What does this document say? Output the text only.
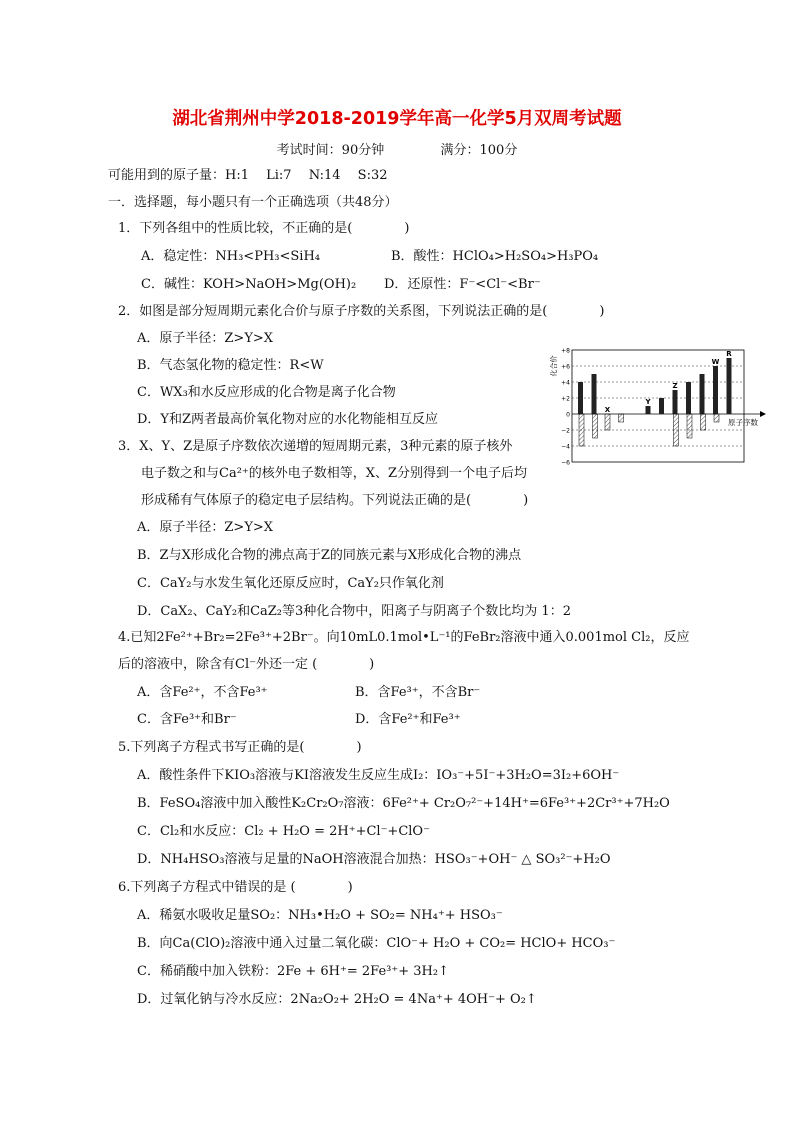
湖北省荆州中学2018-2019学年高一化学5月双周考试题
考试时间：90分钟	满分：100分
可能用到的原子量：H:1　 Li:7　 N:14　 S:32
一．选择题，每小题只有一个正确选项（共48分）
1．下列各组中的性质比较，不正确的是(　　　　)
A．稳定性：NH₃<PH₃<SiH₄	B．酸性：HClO₄>H₂SO₄>H₃PO₄
C．碱性：KOH>NaOH>Mg(OH)₂ D．还原性：F⁻<Cl⁻<Br⁻
2．如图是部分短周期元素化合价与原子序数的关系图，下列说法正确的是(　　　　)
A．原子半径：Z>Y>X
B．气态氢化物的稳定性：R<W
C．WX₃和水反应形成的化合物是离子化合物
D．Y和Z两者最高价氧化物对应的水化物能相互反应
+8
+6
+4
+2
0
−2
−4
−6
X
Y
Z
W
R
化合价
原子序数
3．X、Y、Z是原子序数依次递增的短周期元素，3种元素的原子核外
电子数之和与Ca²⁺的核外电子数相等，X、Z分别得到一个电子后均
形成稀有气体原子的稳定电子层结构。下列说法正确的是(　　　　)
A．原子半径：Z>Y>X
B．Z与X形成化合物的沸点高于Z的同族元素与X形成化合物的沸点
C．CaY₂与水发生氧化还原反应时，CaY₂只作氧化剂
D．CaX₂、CaY₂和CaZ₂等3种化合物中，阳离子与阴离子个数比均为 1：2
4.已知2Fe²⁺+Br₂=2Fe³⁺+2Br⁻。向10mL0.1mol•L⁻¹的FeBr₂溶液中通入0.001mol Cl₂，反应
后的溶液中，除含有Cl⁻外还一定 (　　　　)
A．含Fe²⁺，不含Fe³⁺	B．含Fe³⁺，不含Br⁻
C．含Fe³⁺和Br⁻	D．含Fe²⁺和Fe³⁺
5.下列离子方程式书写正确的是(　　　　)
A．酸性条件下KIO₃溶液与KI溶液发生反应生成I₂：IO₃⁻+5I⁻+3H₂O=3I₂+6OH⁻
B．FeSO₄溶液中加入酸性K₂Cr₂O₇溶液：6Fe²⁺+ Cr₂O₇²⁻+14H⁺=6Fe³⁺+2Cr³⁺+7H₂O
C．Cl₂和水反应：Cl₂ + H₂O = 2H⁺+Cl⁻+ClO⁻
D．NH₄HSO₃溶液与足量的NaOH溶液混合加热：HSO₃⁻+OH⁻ △ SO₃²⁻+H₂O
6.下列离子方程式中错误的是 (　　　　)
A．稀氨水吸收足量SO₂：NH₃•H₂O + SO₂= NH₄⁺+ HSO₃⁻
B．向Ca(ClO)₂溶液中通入过量二氧化碳：ClO⁻+ H₂O + CO₂= HClO+ HCO₃⁻
C．稀硝酸中加入铁粉：2Fe + 6H⁺= 2Fe³⁺+ 3H₂↑
D．过氧化钠与冷水反应：2Na₂O₂+ 2H₂O = 4Na⁺+ 4OH⁻+ O₂↑
